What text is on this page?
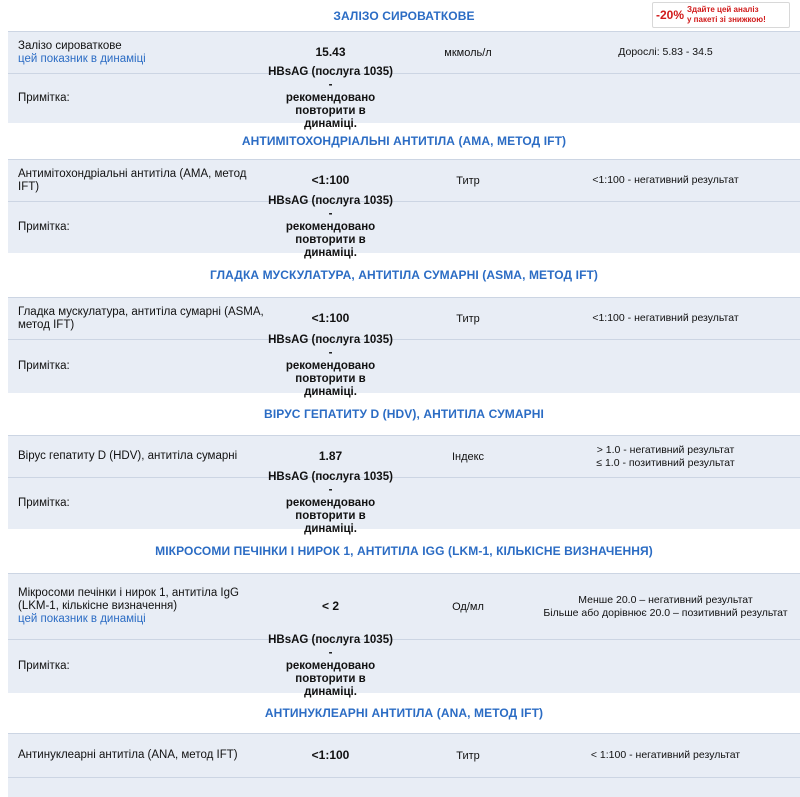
ЗАЛІЗО СИРОВАТКОВЕ	-20% Здайте цей аналіз
у пакеті зі знижкою!
Залізо сироваткове
цей показник в динаміці	15.43	мкмоль/л	Дорослі: 5.83 - 34.5
Примітка:
HBsAG (послуга 1035) -
рекомендовано
повторити в динаміці.
АНТИМІТОХОНДРІАЛЬНІ АНТИТІЛА (AMA, МЕТОД IFT)
Антимітохондріальні антитіла (AMA, метод IFT)	<1:100	Титр	<1:100 - негативний результат
Примітка:
HBsAG (послуга 1035) -
рекомендовано
повторити в динаміці.
ГЛАДКА МУСКУЛАТУРА, АНТИТІЛА СУМАРНІ (ASMA, МЕТОД IFT)
Гладка мускулатура, антитіла сумарні (ASMA, метод IFT)	<1:100	Титр	<1:100 - негативний результат
Примітка:
HBsAG (послуга 1035) -
рекомендовано
повторити в динаміці.
ВІРУС ГЕПАТИТУ D (HDV), АНТИТІЛА СУМАРНІ
Вірус гепатиту D (HDV), антитіла сумарні	1.87	Індекс
> 1.0 - негативний результат
≤ 1.0 - позитивний результат
Примітка:
HBsAG (послуга 1035) -
рекомендовано
повторити в динаміці.
МІКРОСОМИ ПЕЧІНКИ І НИРОК 1, АНТИТІЛА IGG (LKM-1, КІЛЬКІСНЕ ВИЗНАЧЕННЯ)
Мікросоми печінки і нирок 1, антитіла IgG (LKM-1, кількісне визначення)
цей показник в динаміці
< 2	Од/мл
Менше 20.0 – негативний результат
Більше або дорівнює 20.0 – позитивний результат
Примітка:
HBsAG (послуга 1035) -
рекомендовано
повторити в динаміці.
АНТИНУКЛЕАРНІ АНТИТІЛА (ANA, МЕТОД IFT)
Антинуклеарні антитіла (ANA, метод IFT)	<1:100	Титр	< 1:100 - негативний результат
